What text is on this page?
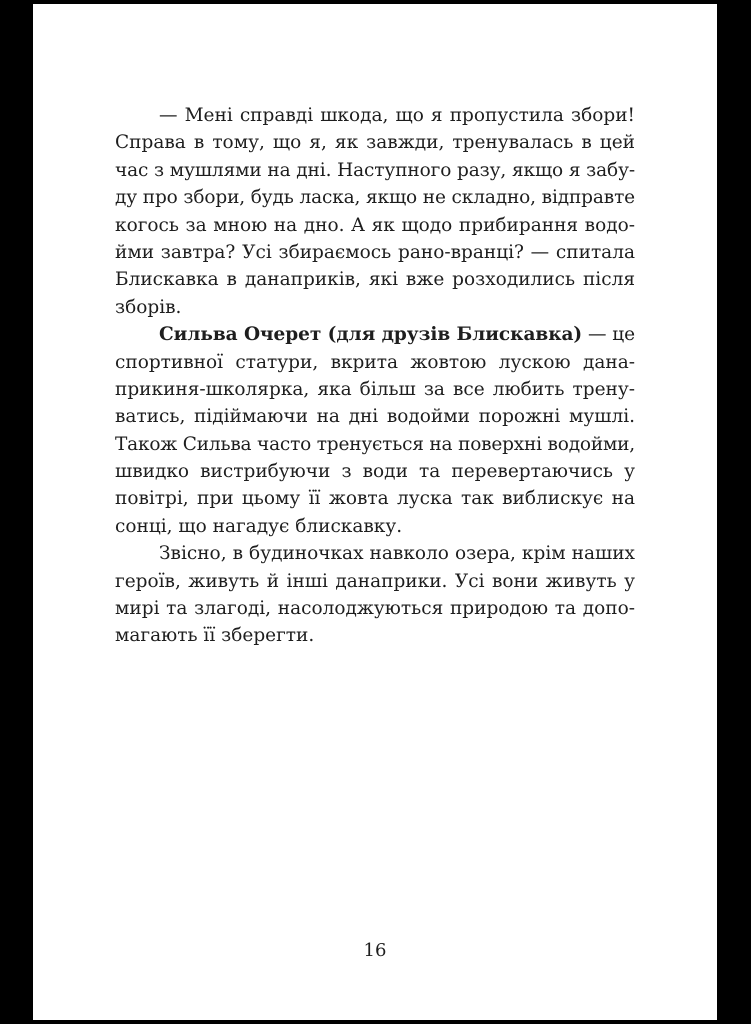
— Мені справді шкода, що я пропустила збори!
Справа в тому, що я, як завжди, тренувалась в цей
час з мушлями на дні. Наступного разу, якщо я забу-
ду про збори, будь ласка, якщо не складно, відправте
когось за мною на дно. А як щодо прибирання водо-
йми завтра? Усі збираємось рано-вранці? — спитала
Блискавка в данаприків, які вже розходились після
зборів.
Сильва Очерет (для друзів Блискавка) — це
спортивної статури, вкрита жовтою лускою дана-
прикиня-школярка, яка більш за все любить трену-
ватись, підіймаючи на дні водойми порожні мушлі.
Також Сильва часто тренується на поверхні водойми,
швидко вистрибуючи з води та перевертаючись у
повітрі, при цьому її жовта луска так виблискує на
сонці, що нагадує блискавку.
Звісно, в будиночках навколо озера, крім наших
героїв, живуть й інші данаприки. Усі вони живуть у
мирі та злагоді, насолоджуються природою та допо-
магають її зберегти.
16
